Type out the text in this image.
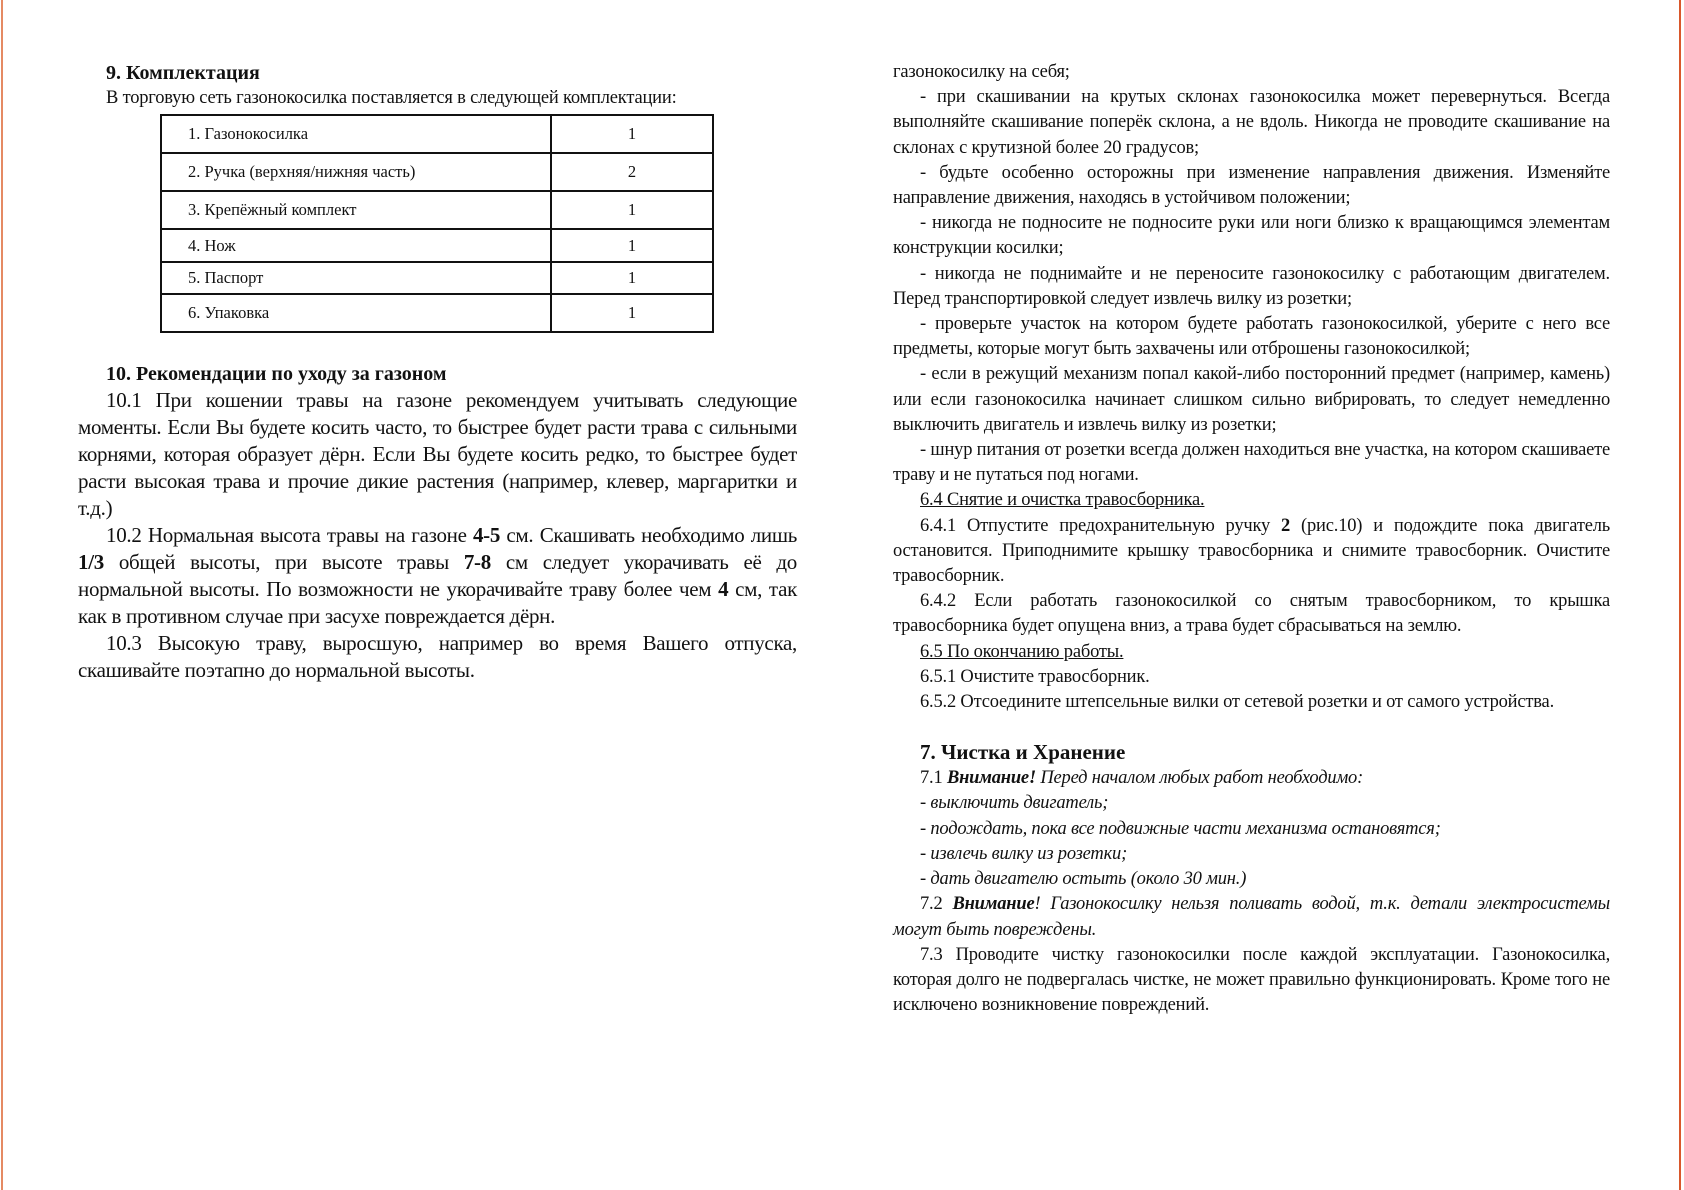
9. Комплектация
В торговую сеть газонокосилка поставляется в следующей комплектации:
1. Газонокосилка	1
2. Ручка (верхняя/нижняя часть)	2
3. Крепёжный комплект	1
4. Нож	1
5. Паспорт	1
6. Упаковка	1
10. Рекомендации по уходу за газоном

10.1 При кошении травы на газоне рекомендуем учитывать следующие моменты. Если Вы будете косить часто, то быстрее будет расти трава с сильными корнями, которая образует дёрн. Если Вы будете косить редко, то быстрее будет расти высокая трава и прочие дикие растения (например, клевер, маргаритки и т.д.)

10.2 Нормальная высота травы на газоне 4-5 см. Скашивать необходимо лишь 1/3 общей высоты, при высоте травы 7-8 см следует укорачивать её до нормальной высоты. По возможности не укорачивайте траву более чем 4 см, так как в противном случае при засухе повреждается дёрн.

10.3 Высокую траву, выросшую, например во время Вашего отпуска, скашивайте поэтапно до нормальной высоты.

газонокосилку на себя;

- при скашивании на крутых склонах газонокосилка может перевернуться. Всегда выполняйте скашивание поперёк склона, а не вдоль. Никогда не проводите скашивание на склонах с крутизной более 20 градусов;

- будьте особенно осторожны при изменение направления движения. Изменяйте направление движения, находясь в устойчивом положении;

- никогда не подносите не подносите руки или ноги близко к вращающимся элементам конструкции косилки;

- никогда не поднимайте и не переносите газонокосилку с работающим двигателем. Перед транспортировкой следует извлечь вилку из розетки;

- проверьте участок на котором будете работать газонокосилкой, уберите с него все предметы, которые могут быть захвачены или отброшены газонокосилкой;

- если в режущий механизм попал какой-либо посторонний предмет (например, камень) или если газонокосилка начинает слишком сильно вибрировать, то следует немедленно выключить двигатель и извлечь вилку из розетки;

- шнур питания от розетки всегда должен находиться вне участка, на котором скашиваете траву и не путаться под ногами.

6.4 Снятие и очистка травосборника.

6.4.1 Отпустите предохранительную ручку 2 (рис.10) и подождите пока двигатель остановится. Приподнимите крышку травосборника и снимите травосборник. Очистите травосборник.

6.4.2 Если работать газонокосилкой со снятым травосборником, то крышка травосборника будет опущена вниз, а трава будет сбрасываться на землю.

6.5 По окончанию работы.

6.5.1 Очистите травосборник.

6.5.2 Отсоедините штепсельные вилки от сетевой розетки и от самого устройства.

7. Чистка и Хранение

7.1 Внимание! Перед началом любых работ необходимо:

- выключить двигатель;

- подождать, пока все подвижные части механизма остановятся;

- извлечь вилку из розетки;

- дать двигателю остыть (около 30 мин.)

7.2 Внимание! Газонокосилку нельзя поливать водой, т.к. детали электросистемы могут быть повреждены.

7.3 Проводите чистку газонокосилки после каждой эксплуатации. Газонокосилка, которая долго не подвергалась чистке, не может правильно функционировать. Кроме того не исключено возникновение повреждений.
